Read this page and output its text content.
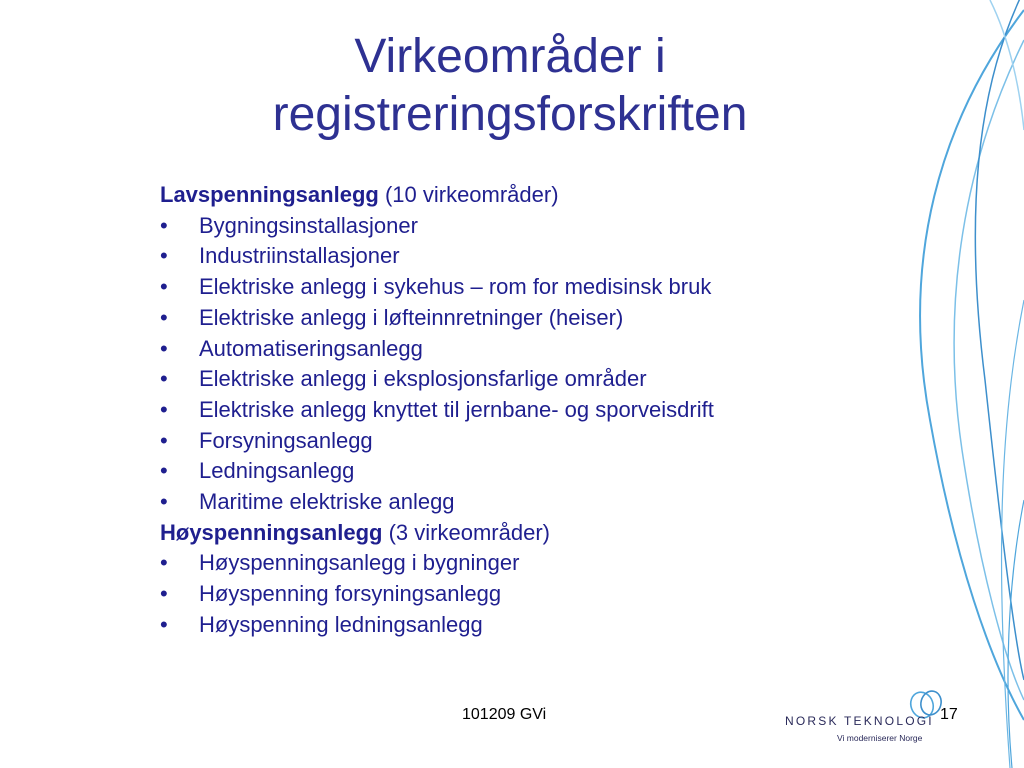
Virkeområder i
registreringsforskriften
Lavspenningsanlegg (10 virkeområder)
• Bygningsinstallasjoner
• Industriinstallasjoner
• Elektriske anlegg i sykehus – rom for medisinsk bruk
• Elektriske anlegg i løfteinnretninger (heiser)
• Automatiseringsanlegg
• Elektriske anlegg i eksplosjonsfarlige områder
• Elektriske anlegg knyttet til jernbane- og sporveisdrift
• Forsyningsanlegg
• Ledningsanlegg
• Maritime elektriske anlegg
Høyspenningsanlegg (3 virkeområder)
• Høyspenningsanlegg i bygninger
• Høyspenning forsyningsanlegg
• Høyspenning ledningsanlegg
101209 GVi	NORSK TEKNOLOGI
Vi moderniserer Norge
17
